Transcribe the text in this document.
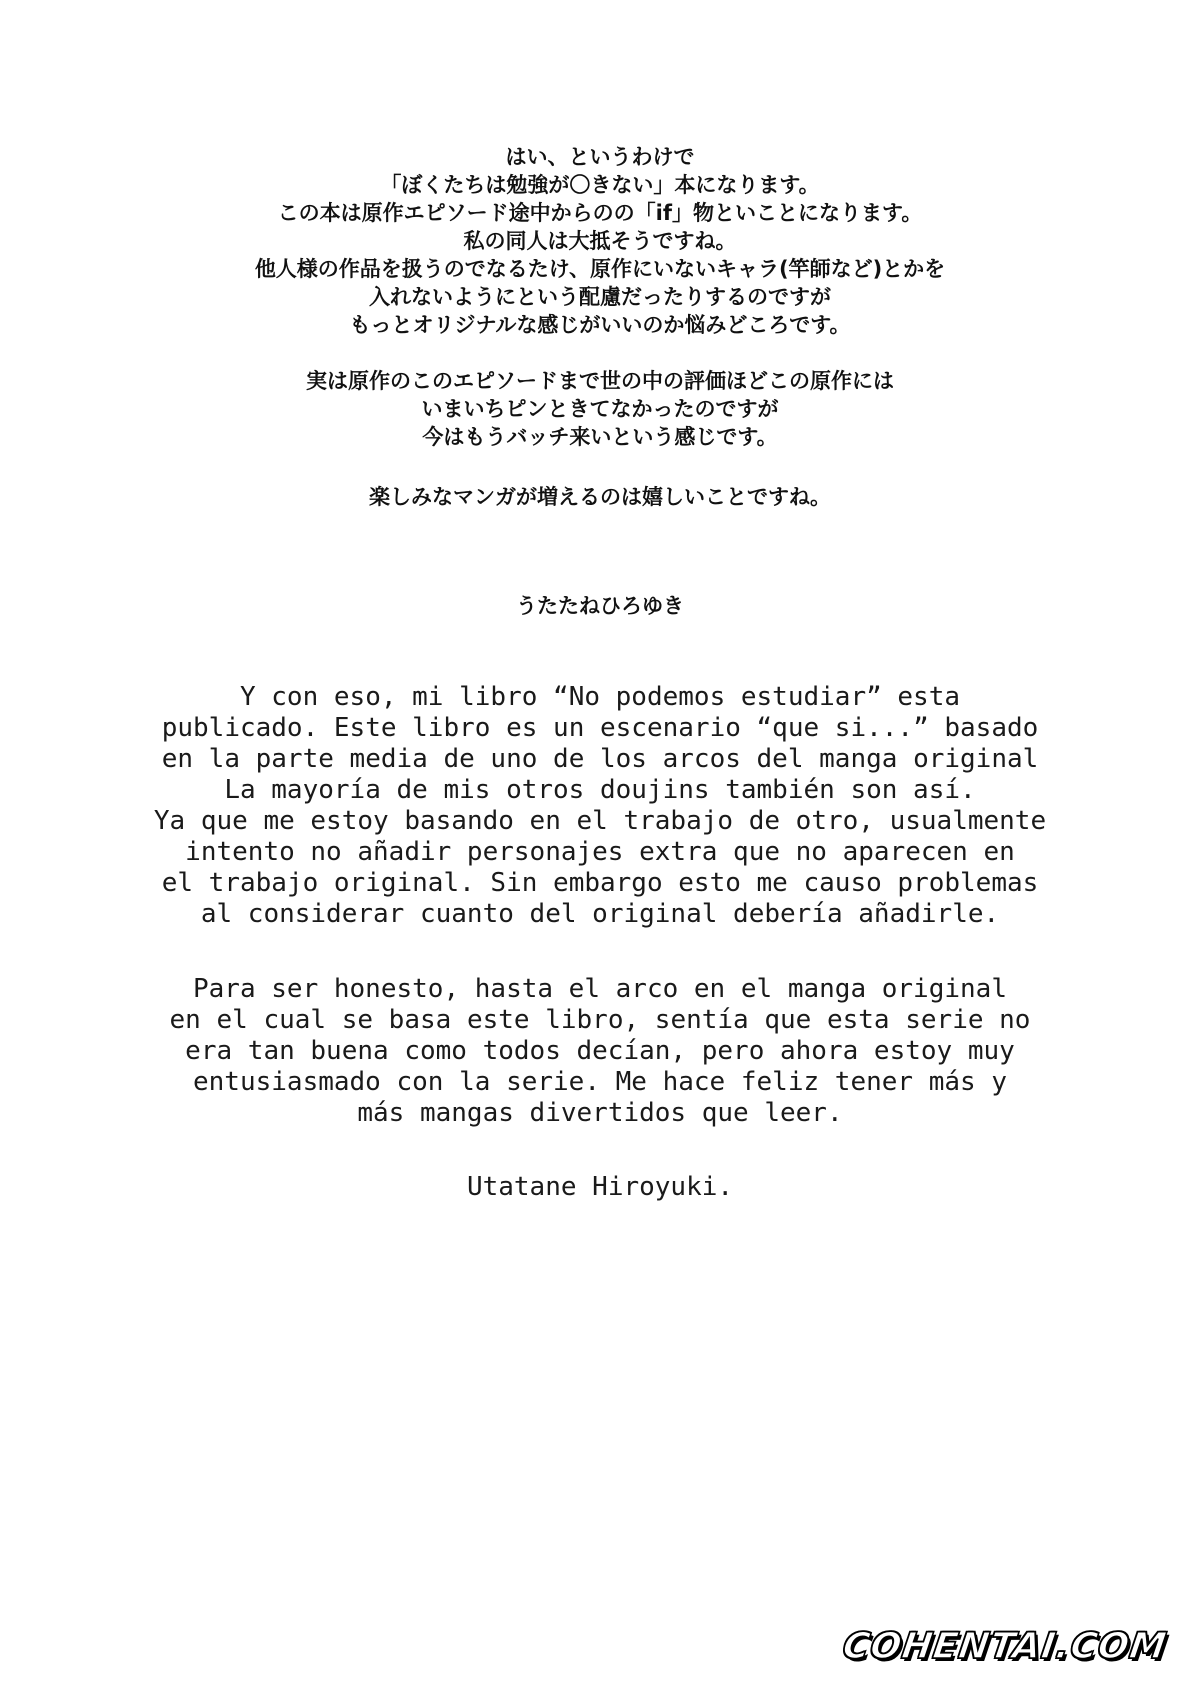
はい、というわけで
「ぼくたちは勉強が〇きない」本になります。
この本は原作エピソード途中からのの「if」物といことになります。
私の同人は大抵そうですね。
他人様の作品を扱うのでなるたけ、原作にいないキャラ(竿師など)とかを
入れないようにという配慮だったりするのですが
もっとオリジナルな感じがいいのか悩みどころです。
実は原作のこのエピソードまで世の中の評価ほどこの原作には
いまいちピンときてなかったのですが
今はもうバッチ来いという感じです。
楽しみなマンガが増えるのは嬉しいことですね。
うたたねひろゆき
Y con eso, mi libro “No podemos estudiar” esta
publicado. Este libro es un escenario “que si...” basado
en la parte media de uno de los arcos del manga original
La mayoría de mis otros doujins también son así.
Ya que me estoy basando en el trabajo de otro, usualmente
intento no añadir personajes extra que no aparecen en
el trabajo original. Sin embargo esto me causo problemas
al considerar cuanto del original debería añadirle.
Para ser honesto, hasta el arco en el manga original
en el cual se basa este libro, sentía que esta serie no
era tan buena como todos decían, pero ahora estoy muy
entusiasmado con la serie. Me hace feliz tener más y
más mangas divertidos que leer.
Utatane Hiroyuki.
COHENTAI.COM
